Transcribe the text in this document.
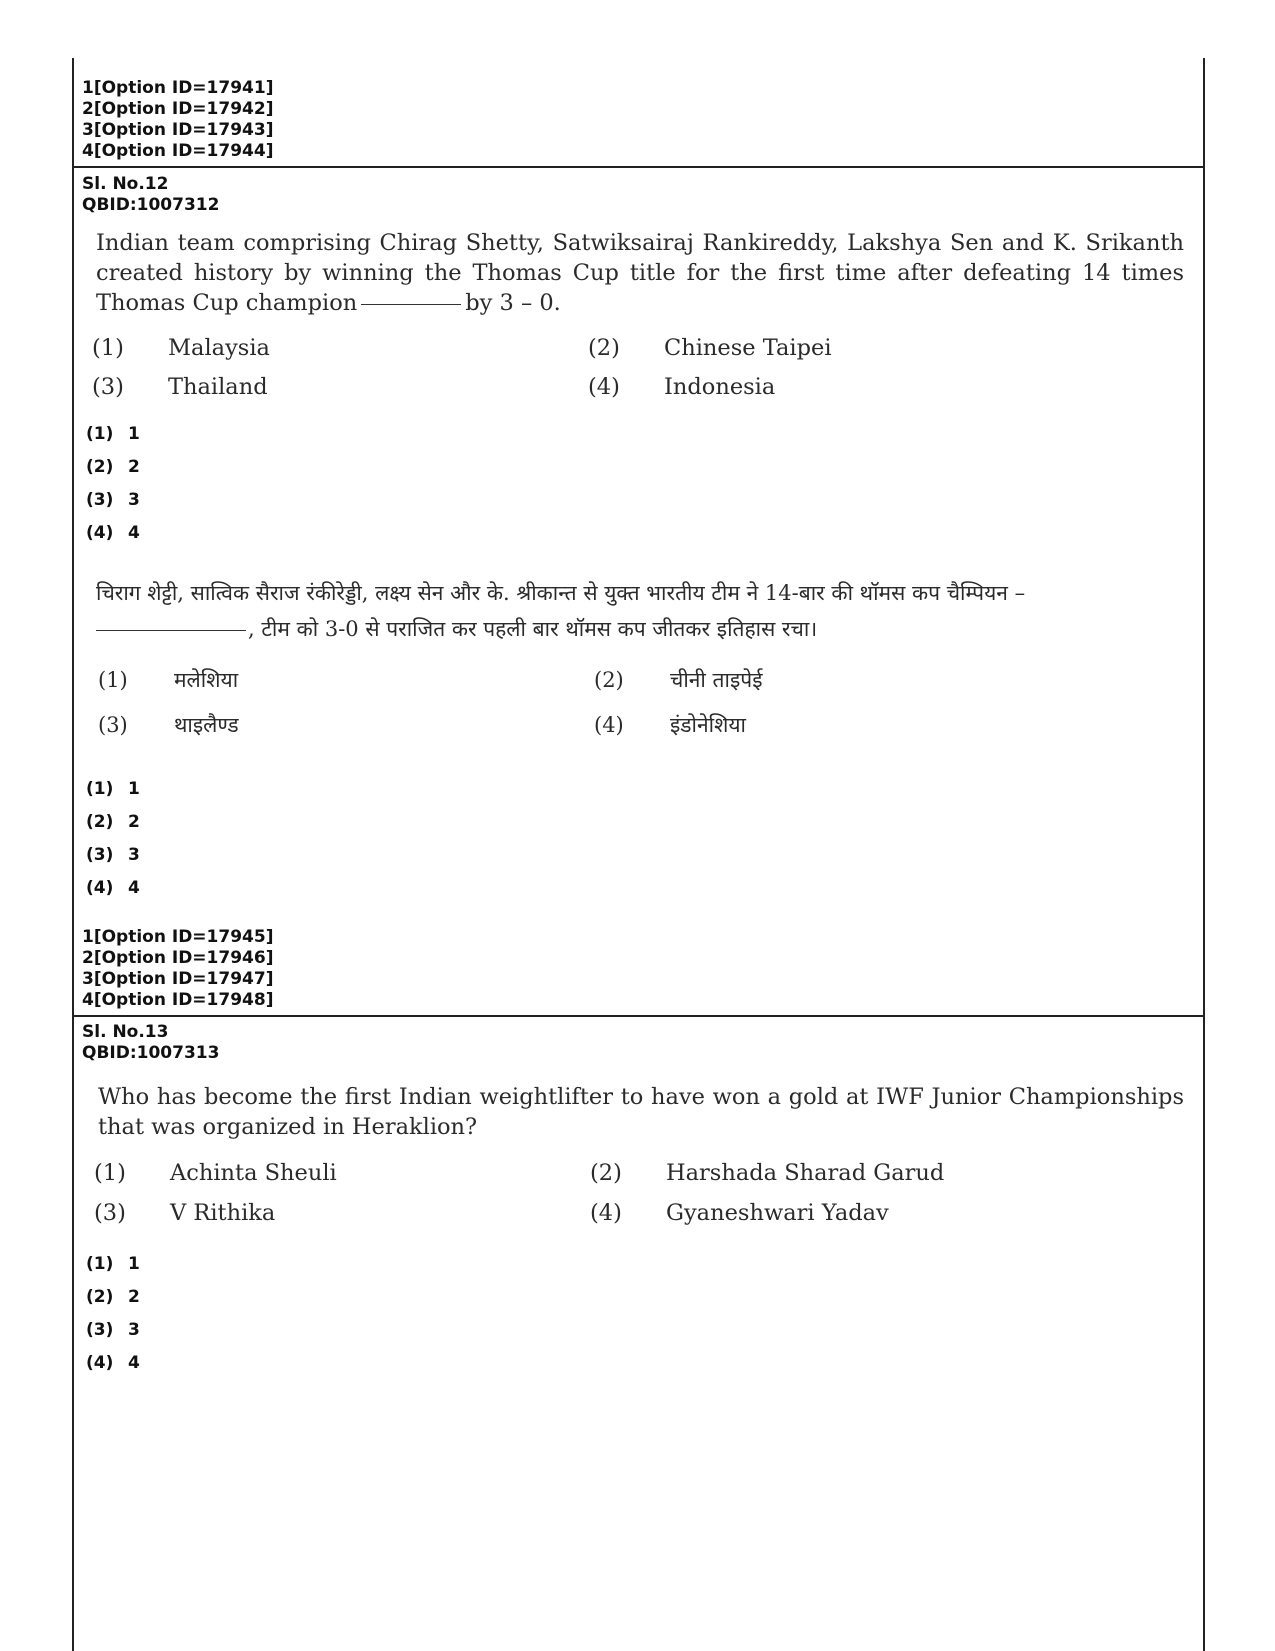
1[Option ID=17941]
2[Option ID=17942]
3[Option ID=17943]
4[Option ID=17944]
Sl. No.12
QBID:1007312
Indian team comprising Chirag Shetty, Satwiksairaj Rankireddy, Lakshya Sen and K. Srikanth created history by winning the Thomas Cup title for the first time after defeating 14 times Thomas Cup champion	by 3 – 0.
(1) Malaysia	(2) Chinese Taipei
(3) Thailand	(4) Indonesia
(1) 1
(2) 2
(3) 3
(4) 4
चिराग शेट्टी, सात्विक सैराज रंकीरेड्डी, लक्ष्य सेन और के. श्रीकान्त से युक्त भारतीय टीम ने 14-बार की थॉमस कप चैम्पियन –
, टीम को 3-0 से पराजित कर पहली बार थॉमस कप जीतकर इतिहास रचा।
(1) मलेशिया	(2) चीनी ताइपेई
(3) थाइलैण्ड	(4) इंडोनेशिया
(1) 1
(2) 2
(3) 3
(4) 4
1[Option ID=17945]
2[Option ID=17946]
3[Option ID=17947]
4[Option ID=17948]
Sl. No.13
QBID:1007313
Who has become the first Indian weightlifter to have won a gold at IWF Junior Championships that was organized in Heraklion?
(1) Achinta Sheuli	(2) Harshada Sharad Garud
(3) V Rithika	(4) Gyaneshwari Yadav
(1) 1
(2) 2
(3) 3
(4) 4
